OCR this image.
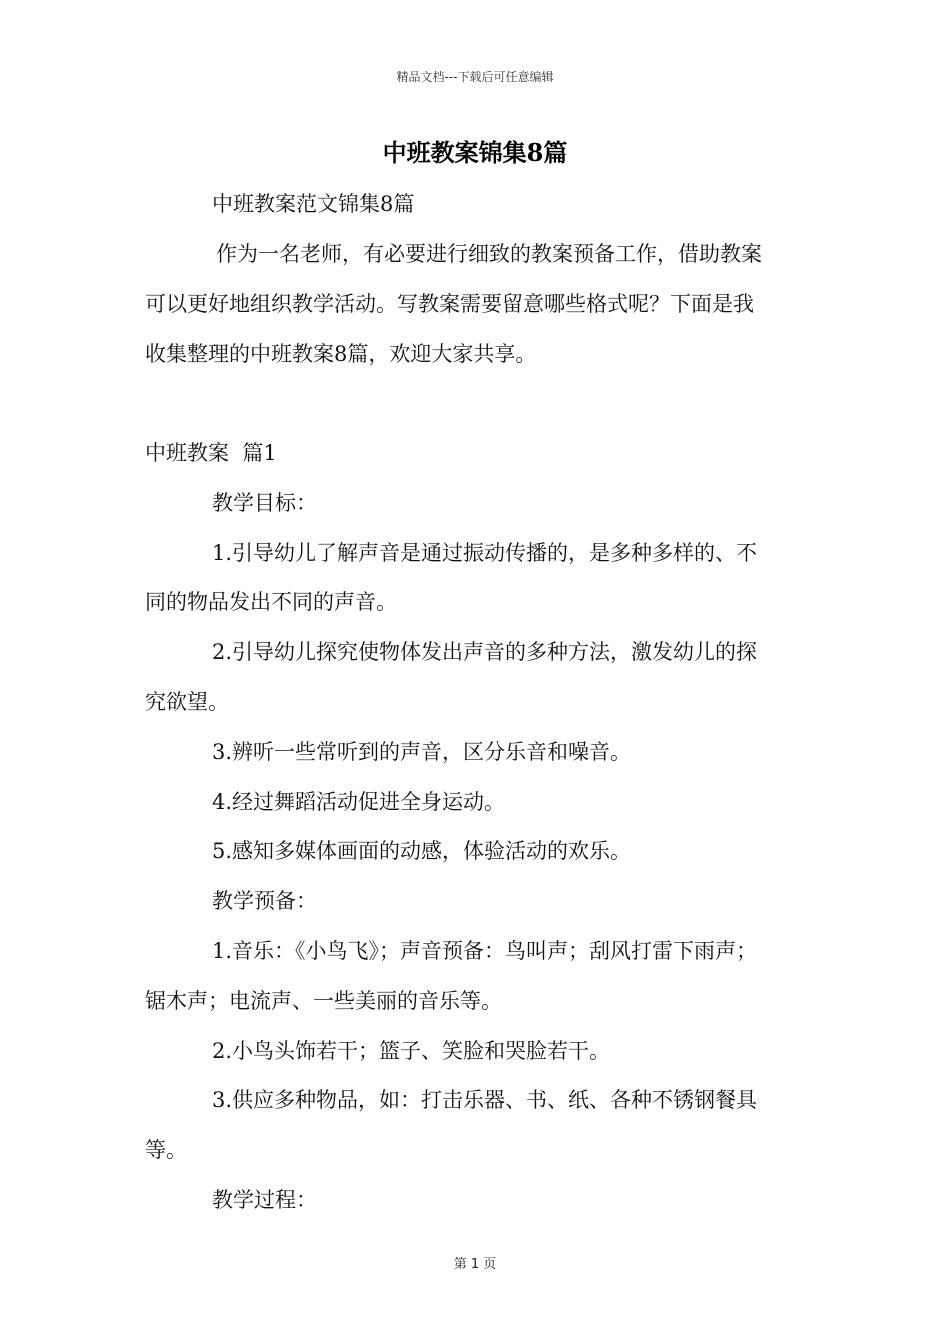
精品文档---下载后可任意编辑
中班教案锦集8篇
中班教案范文锦集8篇
作为一名老师，有必要进行细致的教案预备工作，借助教案
可以更好地组织教学活动。写教案需要留意哪些格式呢？下面是我
收集整理的中班教案8篇，欢迎大家共享。
中班教案  篇1
教学目标：
1.引导幼儿了解声音是通过振动传播的，是多种多样的、不
同的物品发出不同的声音。
2.引导幼儿探究使物体发出声音的多种方法，激发幼儿的探
究欲望。
3.辨听一些常听到的声音，区分乐音和噪音。
4.经过舞蹈活动促进全身运动。
5.感知多媒体画面的动感，体验活动的欢乐。
教学预备：
1.音乐：《小鸟飞》；声音预备：鸟叫声；刮风打雷下雨声；
锯木声；电流声、一些美丽的音乐等。
2.小鸟头饰若干；篮子、笑脸和哭脸若干。
3.供应多种物品，如：打击乐器、书、纸、各种不锈钢餐具
等。
教学过程：
第 1 页
